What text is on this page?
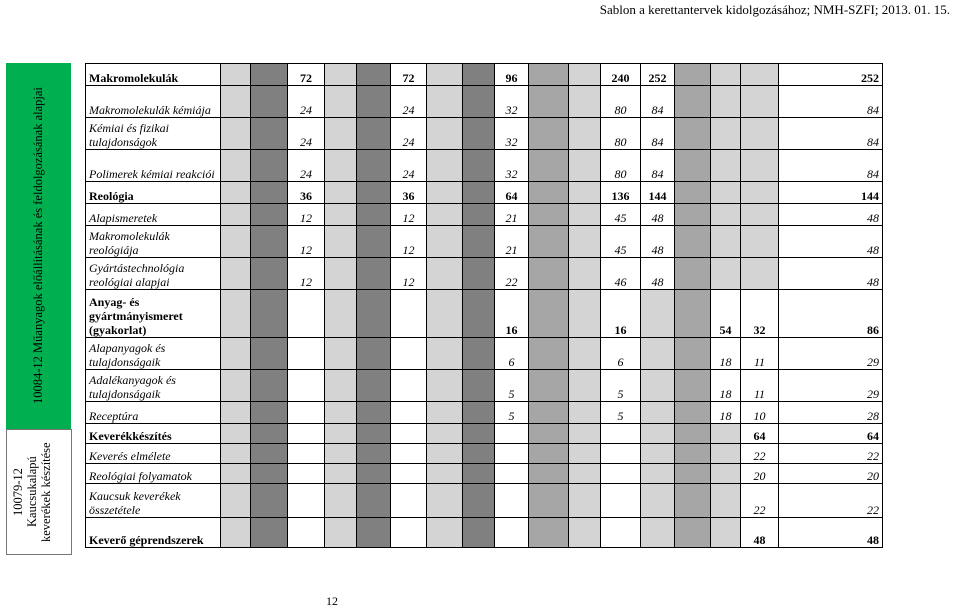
Sablon a kerettantervek kidolgozásához; NMH-SZFI; 2013. 01. 15.
10084-12 Műanyagok előállításának és feldolgozásának alapjai
10079-12 Kaucsukalapú keverékek készítése
Makromolekulák			72			72			96			240	252				252
Makromolekulák kémiája			24			24			32			80	84				84
Kémiai és fizikai tulajdonságok			24			24			32			80	84				84
Polimerek kémiai reakciói			24			24			32			80	84				84
Reológia			36			36			64			136	144				144
Alapismeretek			12			12			21			45	48				48
Makromolekulák reológiája			12			12			21			45	48				48
Gyártástechnológia reológiai alapjai			12			12			22			46	48				48
Anyag- és gyártmányismeret (gyakorlat)									16			16			54	32	86
Alapanyagok és tulajdonságaik									6			6			18	11	29
Adalékanyagok és tulajdonságaik									5			5			18	11	29
Receptúra									5			5			18	10	28
Keverékkészítés																64	64
Keverés elmélete																22	22
Reológiai folyamatok																20	20
Kaucsuk keverékek összetétele																22	22
Keverő géprendszerek																48	48
12
